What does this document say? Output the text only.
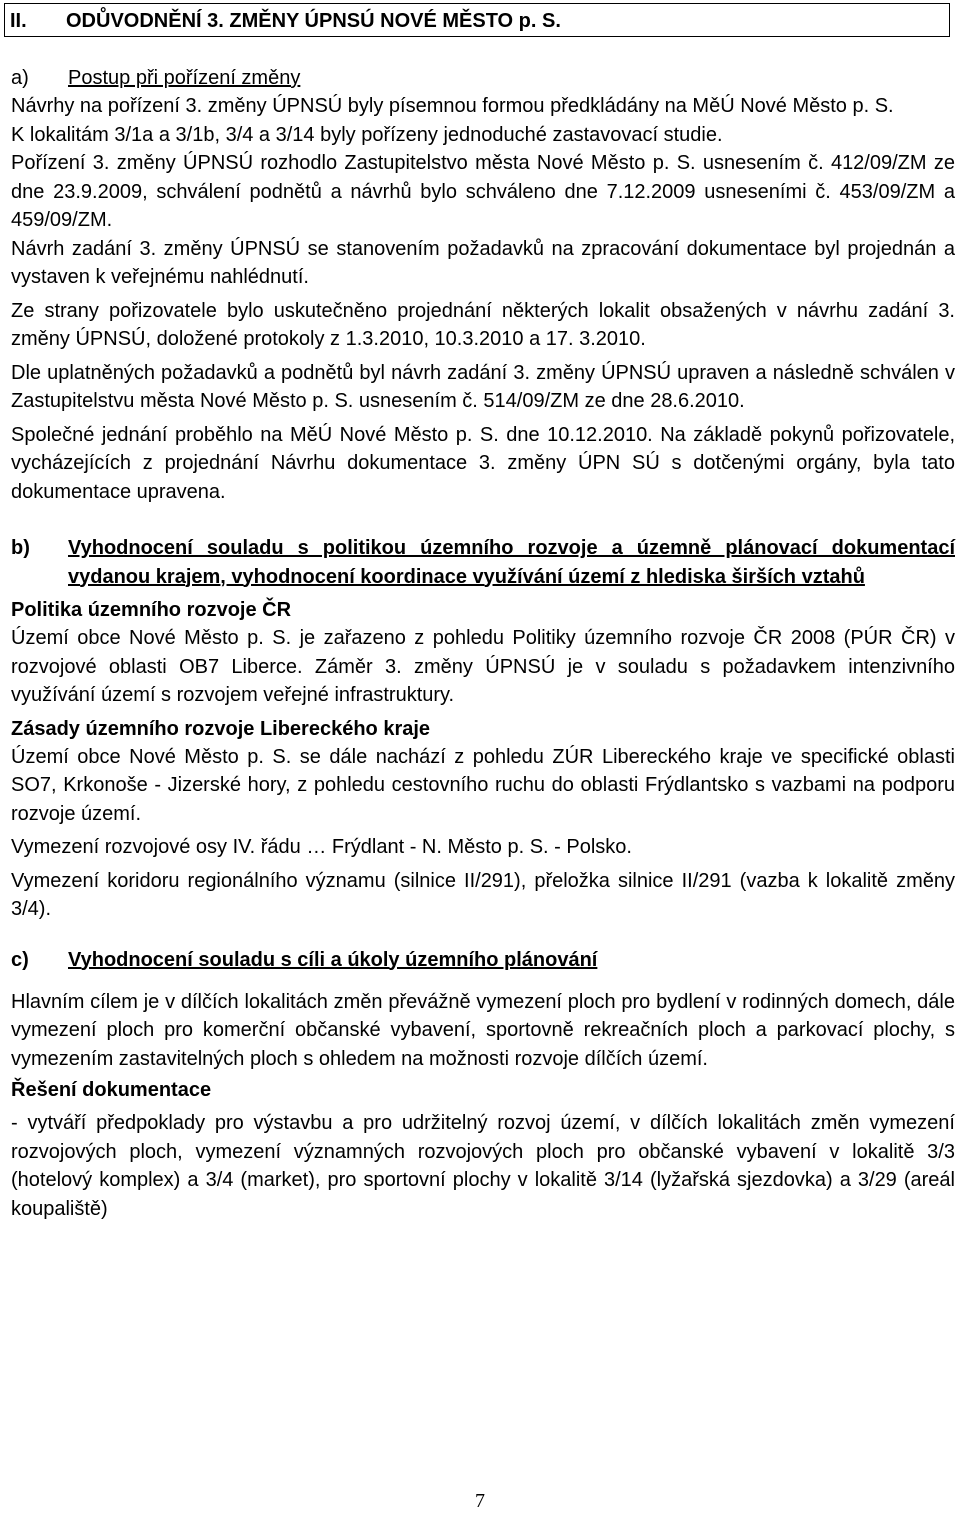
II. ODŮVODNĚNÍ 3. ZMĚNY ÚPNSÚ NOVÉ MĚSTO p. S.
a)	Postup při pořízení změny

Návrhy na pořízení 3. změny ÚPNSÚ byly písemnou formou předkládány na MěÚ Nové Město p. S.

K lokalitám 3/1a a 3/1b, 3/4 a 3/14 byly pořízeny jednoduché zastavovací studie.

Pořízení 3. změny ÚPNSÚ rozhodlo Zastupitelstvo města Nové Město p. S. usnesením č. 412/09/ZM ze dne 23.9.2009, schválení podnětů a návrhů bylo schváleno dne 7.12.2009 usneseními č. 453/09/ZM a 459/09/ZM.

Návrh zadání 3. změny ÚPNSÚ se stanovením požadavků na zpracování dokumentace byl projednán a vystaven k veřejnému nahlédnutí.

Ze strany pořizovatele bylo uskutečněno projednání některých lokalit obsažených v návrhu zadání 3. změny ÚPNSÚ, doložené protokoly z 1.3.2010, 10.3.2010 a 17. 3.2010.

Dle uplatněných požadavků a podnětů byl návrh zadání 3. změny ÚPNSÚ upraven a následně schválen v Zastupitelstvu města Nové Město p. S. usnesením č. 514/09/ZM ze dne 28.6.2010.

Společné jednání proběhlo na MěÚ Nové Město p. S. dne 10.12.2010. Na základě pokynů pořizovatele, vycházejících z projednání Návrhu dokumentace 3. změny ÚPN SÚ s dotčenými orgány, byla tato dokumentace upravena.

b)	Vyhodnocení souladu s politikou územního rozvoje a územně plánovací dokumentací vydanou krajem, vyhodnocení koordinace využívání území z hlediska širších vztahů
Politika územního rozvoje ČR

Území obce Nové Město p. S. je zařazeno z pohledu Politiky územního rozvoje ČR 2008 (PÚR ČR) v rozvojové oblasti OB7 Liberce. Záměr 3. změny ÚPNSÚ je v souladu s požadavkem intenzivního využívání území s rozvojem veřejné infrastruktury.

Zásady územního rozvoje Libereckého kraje

Území obce Nové Město p. S. se dále nachází z pohledu ZÚR Libereckého kraje ve specifické oblasti SO7, Krkonoše - Jizerské hory, z pohledu cestovního ruchu do oblasti Frýdlantsko s vazbami na podporu rozvoje území.

Vymezení rozvojové osy IV. řádu … Frýdlant - N. Město p. S. - Polsko.

Vymezení koridoru regionálního významu (silnice II/291), přeložka silnice II/291 (vazba k lokalitě změny 3/4).

c)	Vyhodnocení souladu s cíli a úkoly územního plánování

Hlavním cílem je v dílčích lokalitách změn převážně vymezení ploch pro bydlení v rodinných domech, dále vymezení ploch pro komerční občanské vybavení, sportovně rekreačních ploch a parkovací plochy, s vymezením zastavitelných ploch s ohledem na možnosti rozvoje dílčích území.

Řešení dokumentace

- vytváří předpoklady pro výstavbu a pro udržitelný rozvoj území, v dílčích lokalitách změn vymezení rozvojových ploch, vymezení významných rozvojových ploch pro občanské vybavení v lokalitě 3/3 (hotelový komplex) a 3/4 (market), pro sportovní plochy v lokalitě 3/14 (lyžařská sjezdovka) a 3/29 (areál koupaliště)

7
